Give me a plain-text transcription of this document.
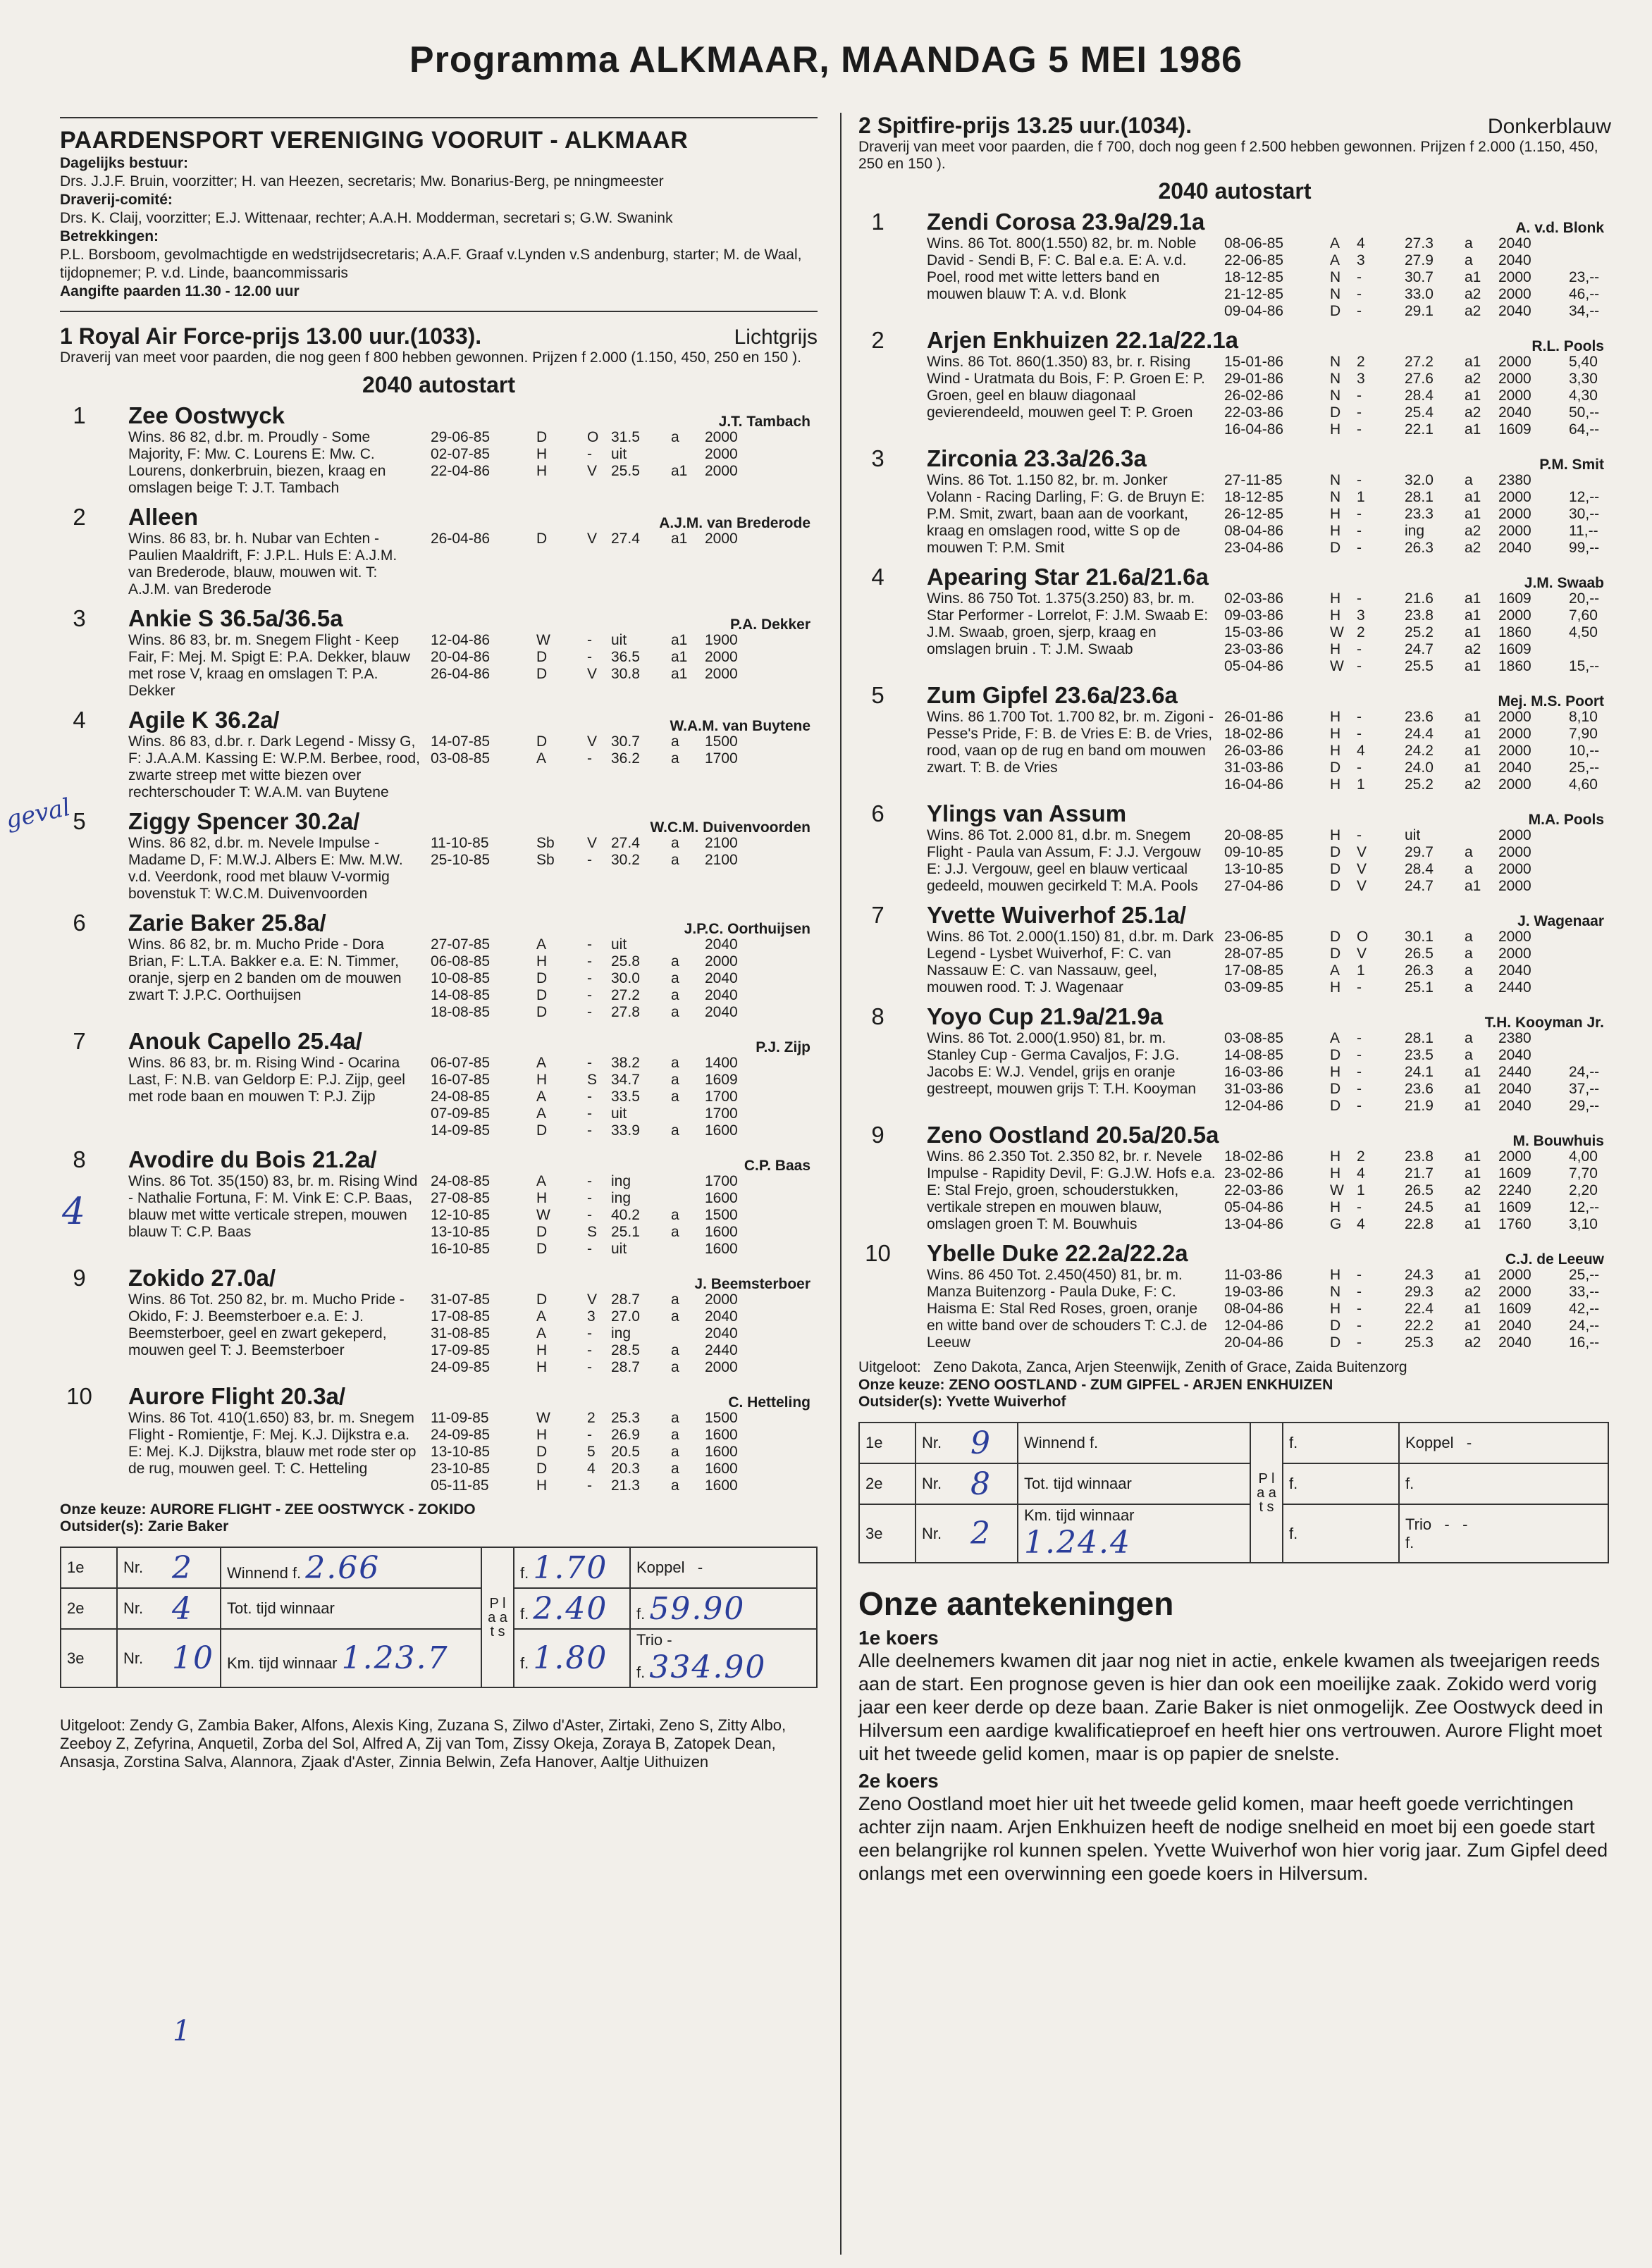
Programma ALKMAAR, MAANDAG 5 MEI 1986
geval
4
1
PAARDENSPORT VERENIGING VOORUIT - ALKMAAR
Dagelijks bestuur:
Drs. J.J.F. Bruin, voorzitter; H. van Heezen, secretaris; Mw. Bonarius-Berg, pe nningmeester
Draverij-comité:
Drs. K. Claij, voorzitter; E.J. Wittenaar, rechter; A.A.H. Modderman, secretari s; G.W. Swanink
Betrekkingen:
P.L. Borsboom, gevolmachtigde en wedstrijdsecretaris; A.A.F. Graaf v.Lynden v.S andenburg, starter; M. de Waal, tijdopnemer; P. v.d. Linde, baancommissaris
Aangifte paarden 11.30 - 12.00 uur
1 Royal Air Force-prijs 13.00 uur.(1033).	Lichtgrijs
Draverij van meet voor paarden, die nog geen f 800 hebben gewonnen. Prijzen f 2.000 (1.150, 450, 250 en 150 ).
2040 autostart
1	Zee Oostwyck	J.T. Tambach
Wins. 86 82, d.br. m. Proudly - Some Majority, F: Mw. C. Lourens E: Mw. C. Lourens, donkerbruin, biezen, kraag en omslagen beige T: J.T. Tambach
29-06-85	D	O 31.5	a	2000
02-07-85	H	-	uit	2000
22-04-86	H	V 25.5	a1	2000
2	Alleen	A.J.M. van Brederode
Wins. 86 83, br. h. Nubar van Echten - Paulien Maaldrift, F: J.P.L. Huls E: A.J.M. van Brederode, blauw, mouwen wit. T: A.J.M. van Brederode
26-04-86	D	V 27.4	a1	2000
3	Ankie S 36.5a/36.5a	P.A. Dekker
Wins. 86 83, br. m. Snegem Flight - Keep Fair, F: Mej. M. Spigt E: P.A. Dekker, blauw met rose V, kraag en omslagen T: P.A. Dekker
12-04-86	W	-	uit	a1	1900
20-04-86	D	-	36.5	a1	2000
26-04-86	D	V 30.8	a1	2000
4	Agile K 36.2a/	W.A.M. van Buytene
Wins. 86 83, d.br. r. Dark Legend - Missy G, F: J.A.A.M. Kassing E: W.P.M. Berbee, rood, zwarte streep met witte biezen over rechterschouder T: W.A.M. van Buytene
14-07-85	D	V 30.7	a	1500
03-08-85	A	-	36.2	a	1700
5	Ziggy Spencer 30.2a/	W.C.M. Duivenvoorden
Wins. 86 82, d.br. m. Nevele Impulse - Madame D, F: M.W.J. Albers E: Mw. M.W. v.d. Veerdonk, rood met blauw V-vormig bovenstuk T: W.C.M. Duivenvoorden
11-10-85	Sb	V 27.4	a	2100
25-10-85	Sb	-	30.2	a	2100
6	Zarie Baker 25.8a/	J.P.C. Oorthuijsen
Wins. 86 82, br. m. Mucho Pride - Dora Brian, F: L.T.A. Bakker e.a. E: N. Timmer, oranje, sjerp en 2 banden om de mouwen zwart T: J.P.C. Oorthuijsen
27-07-85	A	-	uit	2040
06-08-85	H	-	25.8	a	2000
10-08-85	D	-	30.0	a	2040
14-08-85	D	-	27.2	a	2040
18-08-85	D	-	27.8	a	2040
7	Anouk Capello 25.4a/	P.J. Zijp
Wins. 86 83, br. m. Rising Wind - Ocarina Last, F: N.B. van Geldorp E: P.J. Zijp, geel met rode baan en mouwen T: P.J. Zijp
06-07-85	A	-	38.2	a	1400
16-07-85	H	S 34.7	a	1609
24-08-85	A	-	33.5	a	1700
07-09-85	A	-	uit	1700
14-09-85	D	-	33.9	a	1600
8	Avodire du Bois 21.2a/	C.P. Baas
Wins. 86 Tot. 35(150) 83, br. m. Rising Wind - Nathalie Fortuna, F: M. Vink E: C.P. Baas, blauw met witte verticale strepen, mouwen blauw T: C.P. Baas
24-08-85	A	-	ing	1700
27-08-85	H	-	ing	1600
12-10-85	W	-	40.2	a	1500
13-10-85	D	S 25.1	a	1600
16-10-85	D	-	uit	1600
9	Zokido 27.0a/	J. Beemsterboer
Wins. 86 Tot. 250 82, br. m. Mucho Pride - Okido, F: J. Beemsterboer e.a. E: J. Beemsterboer, geel en zwart gekeperd, mouwen geel T: J. Beemsterboer
31-07-85	D	V 28.7	a	2000
17-08-85	A	3	27.0	a	2040
31-08-85	A	-	ing	2040
17-09-85	H	-	28.5	a	2440
24-09-85	H	-	28.7	a	2000
10 Aurore Flight 20.3a/	C. Hetteling
Wins. 86 Tot. 410(1.650) 83, br. m. Snegem Flight - Romientje, F: Mej. K.J. Dijkstra e.a. E: Mej. K.J. Dijkstra, blauw met rode ster op de rug, mouwen geel. T: C. Hetteling
11-09-85	W	2	25.3	a	1500
24-09-85	H	-	26.9	a	1600
13-10-85	D	5	20.5	a	1600
23-10-85	D	4	20.3	a	1600
05-11-85	H	-	21.3	a	1600
Onze keuze: AURORE FLIGHT - ZEE OOSTWYCK - ZOKIDO
Outsider(s): Zarie Baker
1e	Nr.	2	Winnend f. 2.66	P l a a t s	f. 1.70	Koppel -
2e	Nr.	4	Tot. tijd winnaar		f. 2.40	f. 59.90
3e	Nr.	10	Km. tijd winnaar 1.23.7		f. 1.80	Trio -
f. 334.90
Uitgeloot: Zendy G, Zambia Baker, Alfons, Alexis King, Zuzana S, Zilwo d'Aster, Zirtaki, Zeno S, Zitty Albo, Zeeboy Z, Zefyrina, Anquetil, Zorba del Sol, Alfred A, Zij van Tom, Zissy Okeja, Zoraya B, Zatopek Dean, Ansasja, Zorstina Salva, Alannora, Zjaak d'Aster, Zinnia Belwin, Zefa Hanover, Aaltje Uithuizen
2 Spitfire-prijs 13.25 uur.(1034).	Donkerblauw
Draverij van meet voor paarden, die f 700, doch nog geen f 2.500 hebben gewonnen. Prijzen f 2.000 (1.150, 450, 250 en 150 ).
2040 autostart
1	Zendi Corosa 23.9a/29.1a	A. v.d. Blonk
Wins. 86 Tot. 800(1.550) 82, br. m. Noble David - Sendi B, F: C. Bal e.a. E: A. v.d. Poel, rood met witte letters band en mouwen blauw T: A. v.d. Blonk
08-06-85	A	4	27.3	a	2040
22-06-85	A	3	27.9	a	2040
18-12-85	N	-	30.7	a1	2000	23,--
21-12-85	N	-	33.0	a2	2000	46,--
09-04-86	D	-	29.1	a2	2040	34,--
2	Arjen Enkhuizen 22.1a/22.1a	R.L. Pools
Wins. 86 Tot. 860(1.350) 83, br. r. Rising Wind - Uratmata du Bois, F: P. Groen E: P. Groen, geel en blauw diagonaal gevierendeeld, mouwen geel T: P. Groen
15-01-86	N	2	27.2	a1	2000	5,40
29-01-86	N	3	27.6	a2	2000	3,30
26-02-86	N	-	28.4	a1	2000	4,30
22-03-86	D	-	25.4	a2	2040	50,--
16-04-86	H	-	22.1	a1	1609	64,--
3	Zirconia 23.3a/26.3a	P.M. Smit
Wins. 86 Tot. 1.150 82, br. m. Jonker Volann - Racing Darling, F: G. de Bruyn E: P.M. Smit, zwart, baan aan de voorkant, kraag en omslagen rood, witte S op de mouwen T: P.M. Smit
27-11-85	N	-	32.0	a	2380
18-12-85	N	1	28.1	a1	2000	12,--
26-12-85	H	-	23.3	a1	2000	30,--
08-04-86	H	-	ing	a2	2000	11,--
23-04-86	D	-	26.3	a2	2040	99,--
4	Apearing Star 21.6a/21.6a	J.M. Swaab
Wins. 86 750 Tot. 1.375(3.250) 83, br. m. Star Performer - Lorrelot, F: J.M. Swaab E: J.M. Swaab, groen, sjerp, kraag en omslagen bruin . T: J.M. Swaab
02-03-86	H	-	21.6	a1	1609	20,--
09-03-86	H	3	23.8	a1	2000	7,60
15-03-86	W 2	25.2	a1	1860	4,50
23-03-86	H	-	24.7	a2	1609
05-04-86	W -	25.5	a1	1860	15,--
5	Zum Gipfel 23.6a/23.6a	Mej. M.S. Poort
Wins. 86 1.700 Tot. 1.700 82, br. m. Zigoni - Pesse's Pride, F: B. de Vries E: B. de Vries, rood, vaan op de rug en band om mouwen zwart. T: B. de Vries
26-01-86	H	-	23.6	a1	2000	8,10
18-02-86	H	-	24.4	a1	2000	7,90
26-03-86	H	4	24.2	a1	2000	10,--
31-03-86	D	-	24.0	a1	2040	25,--
16-04-86	H	1	25.2	a2	2000	4,60
6	Ylings van Assum	M.A. Pools
Wins. 86 Tot. 2.000 81, d.br. m. Snegem Flight - Paula van Assum, F: J.J. Vergouw E: J.J. Vergouw, geel en blauw verticaal gedeeld, mouwen gecirkeld T: M.A. Pools
20-08-85	H	-	uit	2000
09-10-85	D	V	29.7	a	2000
13-10-85	D	V	28.4	a	2000
27-04-86	D	V	24.7	a1	2000
7	Yvette Wuiverhof 25.1a/	J. Wagenaar
Wins. 86 Tot. 2.000(1.150) 81, d.br. m. Dark Legend - Lysbet Wuiverhof, F: C. van Nassauw E: C. van Nassauw, geel, mouwen rood. T: J. Wagenaar
23-06-85	D	O	30.1	a	2000
28-07-85	D	V	26.5	a	2000
17-08-85	A	1	26.3	a	2040
03-09-85	H	-	25.1	a	2440
8	Yoyo Cup 21.9a/21.9a	T.H. Kooyman Jr.
Wins. 86 Tot. 2.000(1.950) 81, br. m. Stanley Cup - Germa Cavaljos, F: J.G. Jacobs E: W.J. Vendel, grijs en oranje gestreept, mouwen grijs T: T.H. Kooyman
03-08-85	A	-	28.1	a	2380
14-08-85	D	-	23.5	a	2040
16-03-86	H	-	24.1	a1	2440	24,--
31-03-86	D	-	23.6	a1	2040	37,--
12-04-86	D	-	21.9	a1	2040	29,--
9	Zeno Oostland 20.5a/20.5a	M. Bouwhuis
Wins. 86 2.350 Tot. 2.350 82, br. r. Nevele Impulse - Rapidity Devil, F: G.J.W. Hofs e.a. E: Stal Frejo, groen, schouderstukken, vertikale strepen en mouwen blauw, omslagen groen T: M. Bouwhuis
18-02-86	H	2	23.8	a1	2000	4,00
23-02-86	H	4	21.7	a1	1609	7,70
22-03-86	W 1	26.5	a2	2240	2,20
05-04-86	H	-	24.5	a1	1609	12,--
13-04-86	G	4	22.8	a1	1760	3,10
10 Ybelle Duke 22.2a/22.2a	C.J. de Leeuw
Wins. 86 450 Tot. 2.450(450) 81, br. m. Manza Buitenzorg - Paula Duke, F: C. Haisma E: Stal Red Roses, groen, oranje en witte band over de schouders T: C.J. de Leeuw
11-03-86	H	-	24.3	a1	2000	25,--
19-03-86	N	-	29.3	a2	2000	33,--
08-04-86	H	-	22.4	a1	1609	42,--
12-04-86	D	-	22.2	a1	2040	24,--
20-04-86	D	-	25.3	a2	2040	16,--
Uitgeloot: Zeno Dakota, Zanca, Arjen Steenwijk, Zenith of Grace, Zaida Buitenzorg
Onze keuze: ZENO OOSTLAND - ZUM GIPFEL - ARJEN ENKHUIZEN
Outsider(s): Yvette Wuiverhof
1e	Nr.	9	Winnend f.	P l a a t s	f.	Koppel -
2e	Nr.	8	Tot. tijd winnaar		f.	f.
3e	Nr.	2	Km. tijd winnaar 1.24.4		f.	Trio - -
f.
Onze aantekeningen
1e koers
Alle deelnemers kwamen dit jaar nog niet in actie, enkele kwamen als tweejarigen reeds aan de start. Een prognose geven is hier dan ook een moeilijke zaak. Zokido werd vorig jaar een keer derde op deze baan. Zarie Baker is niet onmogelijk. Zee Oostwyck deed in Hilversum een aardige kwalificatieproef en heeft hier ons vertrouwen. Aurore Flight moet uit het tweede gelid komen, maar is op papier de snelste.
2e koers
Zeno Oostland moet hier uit het tweede gelid komen, maar heeft goede verrichtingen achter zijn naam. Arjen Enkhuizen heeft de nodige snelheid en moet bij een goede start een belangrijke rol kunnen spelen. Yvette Wuiverhof won hier vorig jaar. Zum Gipfel deed onlangs met een overwinning een goede koers in Hilversum.
